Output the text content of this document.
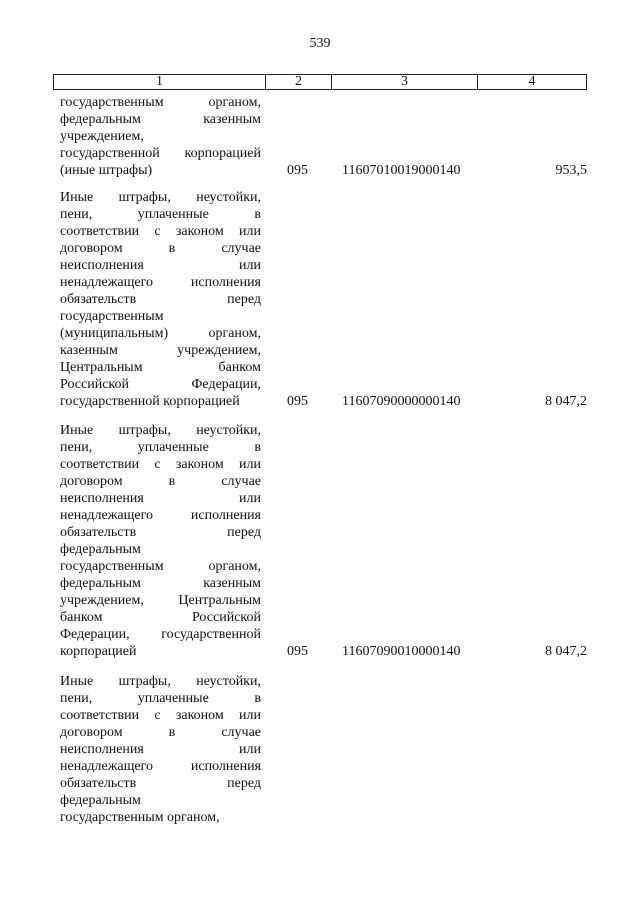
539
1	2	3	4
государственным органом,
федеральным казенным
учреждением,
государственной корпорацией
(иные штрафы)	095 11607010019000140	953,5
Иные штрафы, неустойки,
пени, уплаченные в
соответствии с законом или
договором в случае
неисполнения или
ненадлежащего исполнения
обязательств перед
государственным
(муниципальным) органом,
казенным учреждением,
Центральным банком
Российской Федерации,
государственной корпорацией	095 11607090000000140	8 047,2
Иные штрафы, неустойки,
пени, уплаченные в
соответствии с законом или
договором в случае
неисполнения или
ненадлежащего исполнения
обязательств перед
федеральным
государственным органом,
федеральным казенным
учреждением, Центральным
банком Российской
Федерации, государственной
корпорацией	095 11607090010000140	8 047,2
Иные штрафы, неустойки,
пени, уплаченные в
соответствии с законом или
договором в случае
неисполнения или
ненадлежащего исполнения
обязательств перед
федеральным
государственным органом,
